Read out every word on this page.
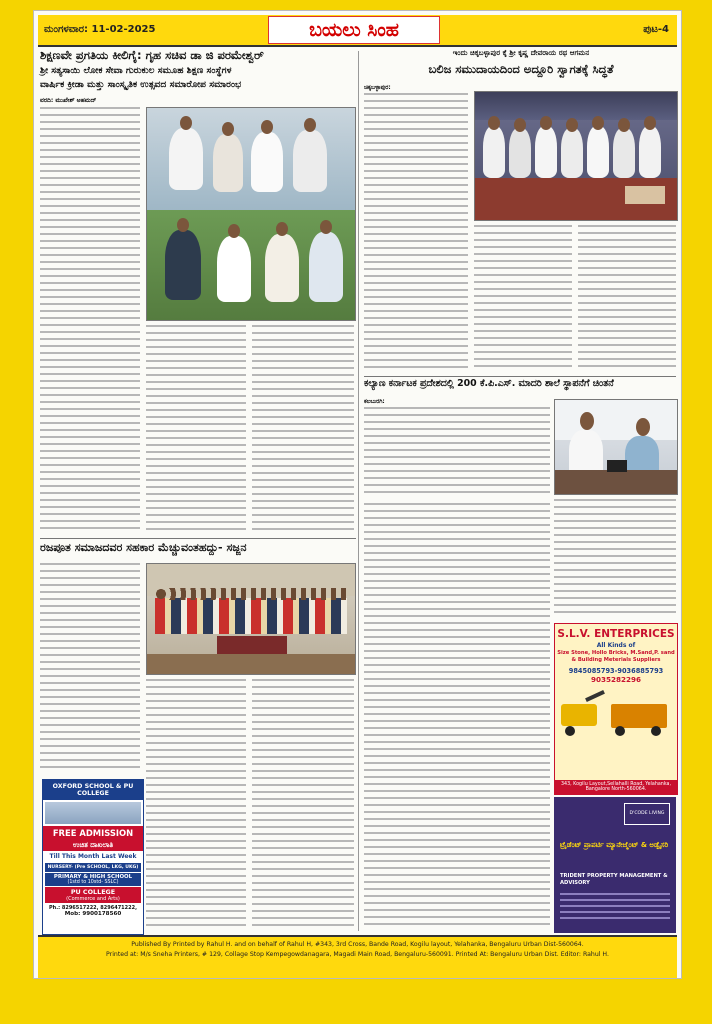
ಮಂಗಳವಾರ: 11-02-2025	ಬಯಲು ಸಿಂಹ	ಪುಟ-4
ಶಿಕ್ಷಣವೇ ಪ್ರಗತಿಯ ಕೀಲಿಗೈ: ಗೃಹ ಸಚಿವ ಡಾ ಜಿ ಪರಮೇಶ್ವರ್
ಶ್ರೀ ಸತ್ಯಸಾಯಿ ಲೋಕ ಸೇವಾ ಗುರುಕುಲ ಸಮೂಹ ಶಿಕ್ಷಣ ಸಂಸ್ಥೆಗಳ
ವಾರ್ಷಿಕ ಕ್ರೀಡಾ ಮತ್ತು ಸಾಂಸ್ಕೃತಿಕ ಉತ್ಸವದ ಸಮಾರೋಪ ಸಮಾರಂಭ
ವರದಿ: ಮುಖೇಶ್ ಅಹಮದ್
ರಜಪೂತ ಸಮಾಜದವರ ಸಹಕಾರ ಮೆಚ್ಚುವಂತಹದ್ದು- ಸಜ್ಜನ
OXFORD SCHOOL & PU COLLEGE
FREE ADMISSION
ಉಚಿತ ದಾಖಲಾತಿ
Till This Month Last Week
NURSERY- (Pre SCHOOL, LKG, UKG)
PRIMARY & HIGH SCHOOL
(1std to 10std- SSLC)
PU COLLEGE
(Commerce and Arts)
Ph.: 8296517222, 8296471222,
Mob: 9900178560
ಇಂದು ಚಿಕ್ಕಬಳ್ಳಾಪುರ ಕ್ಕೆ ಶ್ರೀ ಕೃಷ್ಣ ದೇವರಾಯ ರಥ ಆಗಮನ
ಬಲಿಜ ಸಮುದಾಯದಿಂದ ಅದ್ದೂರಿ ಸ್ವಾಗತಕ್ಕೆ ಸಿದ್ಧತೆ
ಚಿಕ್ಕಬಳ್ಳಾಪುರ:
ಕಲ್ಯಾಣ ಕರ್ನಾಟಕ ಪ್ರದೇಶದಲ್ಲಿ 200 ಕೆ.ಪಿ.ಎಸ್. ಮಾದರಿ ಶಾಲೆ ಸ್ಥಾಪನೆಗೆ ಚಿಂತನೆ
ಕಲಬುರಗಿ:
S.L.V. ENTERPRICES
All Kinds of
Size Stone, Hollo Bricks, M.Sand,P. sand
& Building Meterials Suppliers
9845085793-9036885793
9035282296
343, Kogilu Layout,Sellahalli Road, Yelahanka, Bangalore North-560064.
D'CODE LIVING
ಟ್ರೈಡೆಂಟ್ ಪ್ರಾಪರ್ಟಿ ಮ್ಯಾನೇಜ್ಮೆಂಟ್ & ಅಡ್ವೈಸರಿ
TRIDENT PROPERTY MANAGEMENT & ADVISORY
Published By Printed by Rahul H. and on behalf of Rahul H, #343, 3rd Cross, Bande Road, Kogilu layout, Yelahanka, Bengaluru Urban Dist-560064.
Printed at: M/s Sneha Printers, # 129, Collage Stop Kempegowdanagara, Magadi Main Road, Bengaluru-560091. Printed At: Bengaluru Urban Dist. Editor: Rahul H.
